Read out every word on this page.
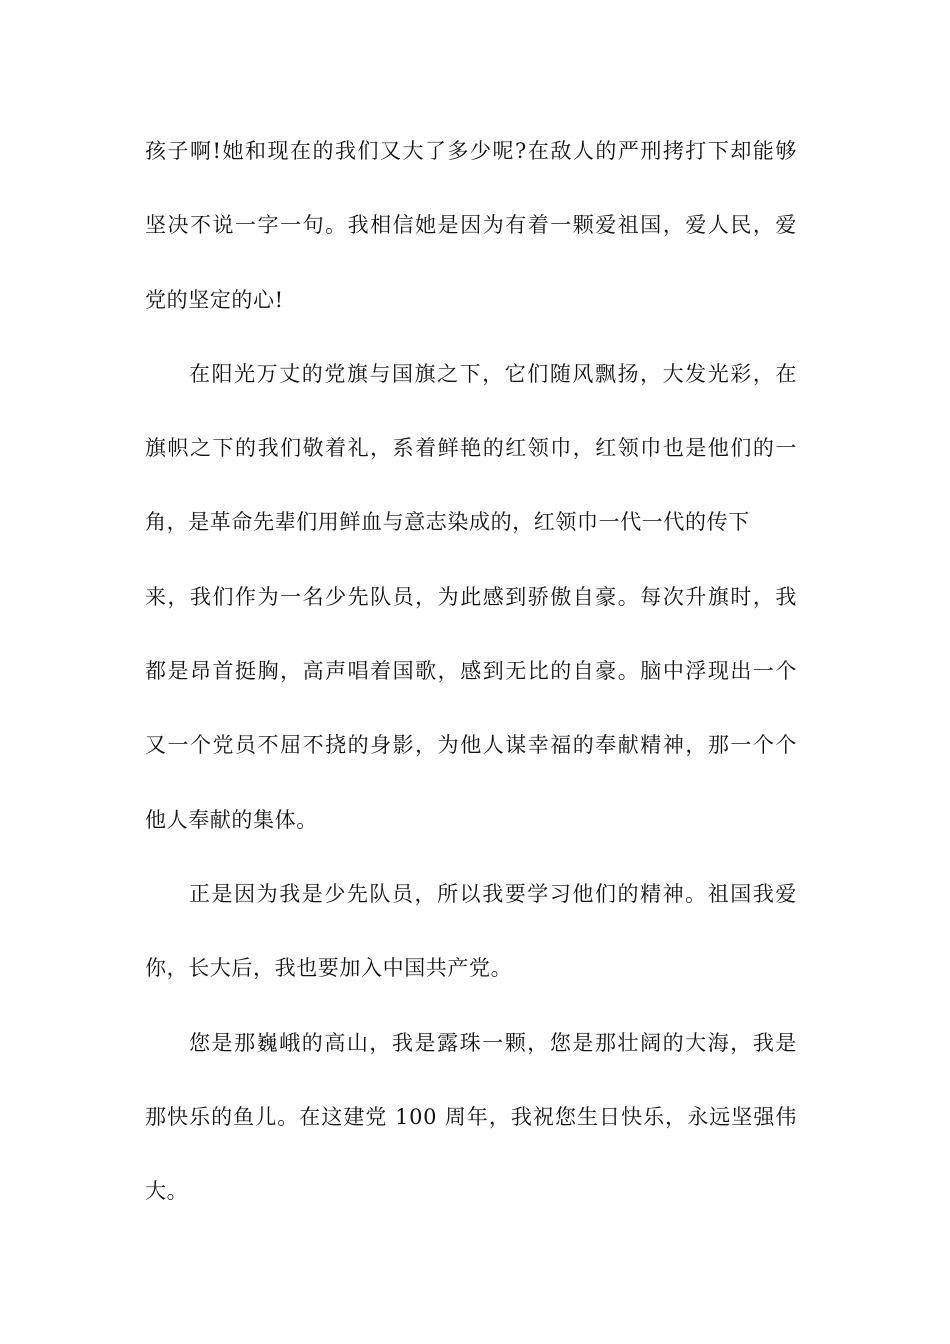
孩子啊!她和现在的我们又大了多少呢?在敌人的严刑拷打下却能够
坚决不说一字一句。我相信她是因为有着一颗爱祖国，爱人民，爱
党的坚定的心!
在阳光万丈的党旗与国旗之下，它们随风飘扬，大发光彩，在
旗帜之下的我们敬着礼，系着鲜艳的红领巾，红领巾也是他们的一
角，是革命先辈们用鲜血与意志染成的，红领巾一代一代的传下
来，我们作为一名少先队员，为此感到骄傲自豪。每次升旗时，我
都是昂首挺胸，高声唱着国歌，感到无比的自豪。脑中浮现出一个
又一个党员不屈不挠的身影，为他人谋幸福的奉献精神，那一个个
他人奉献的集体。
正是因为我是少先队员，所以我要学习他们的精神。祖国我爱
你，长大后，我也要加入中国共产党。
您是那巍峨的高山，我是露珠一颗，您是那壮阔的大海，我是
那快乐的鱼儿。在这建党 100 周年，我祝您生日快乐，永远坚强伟
大。
